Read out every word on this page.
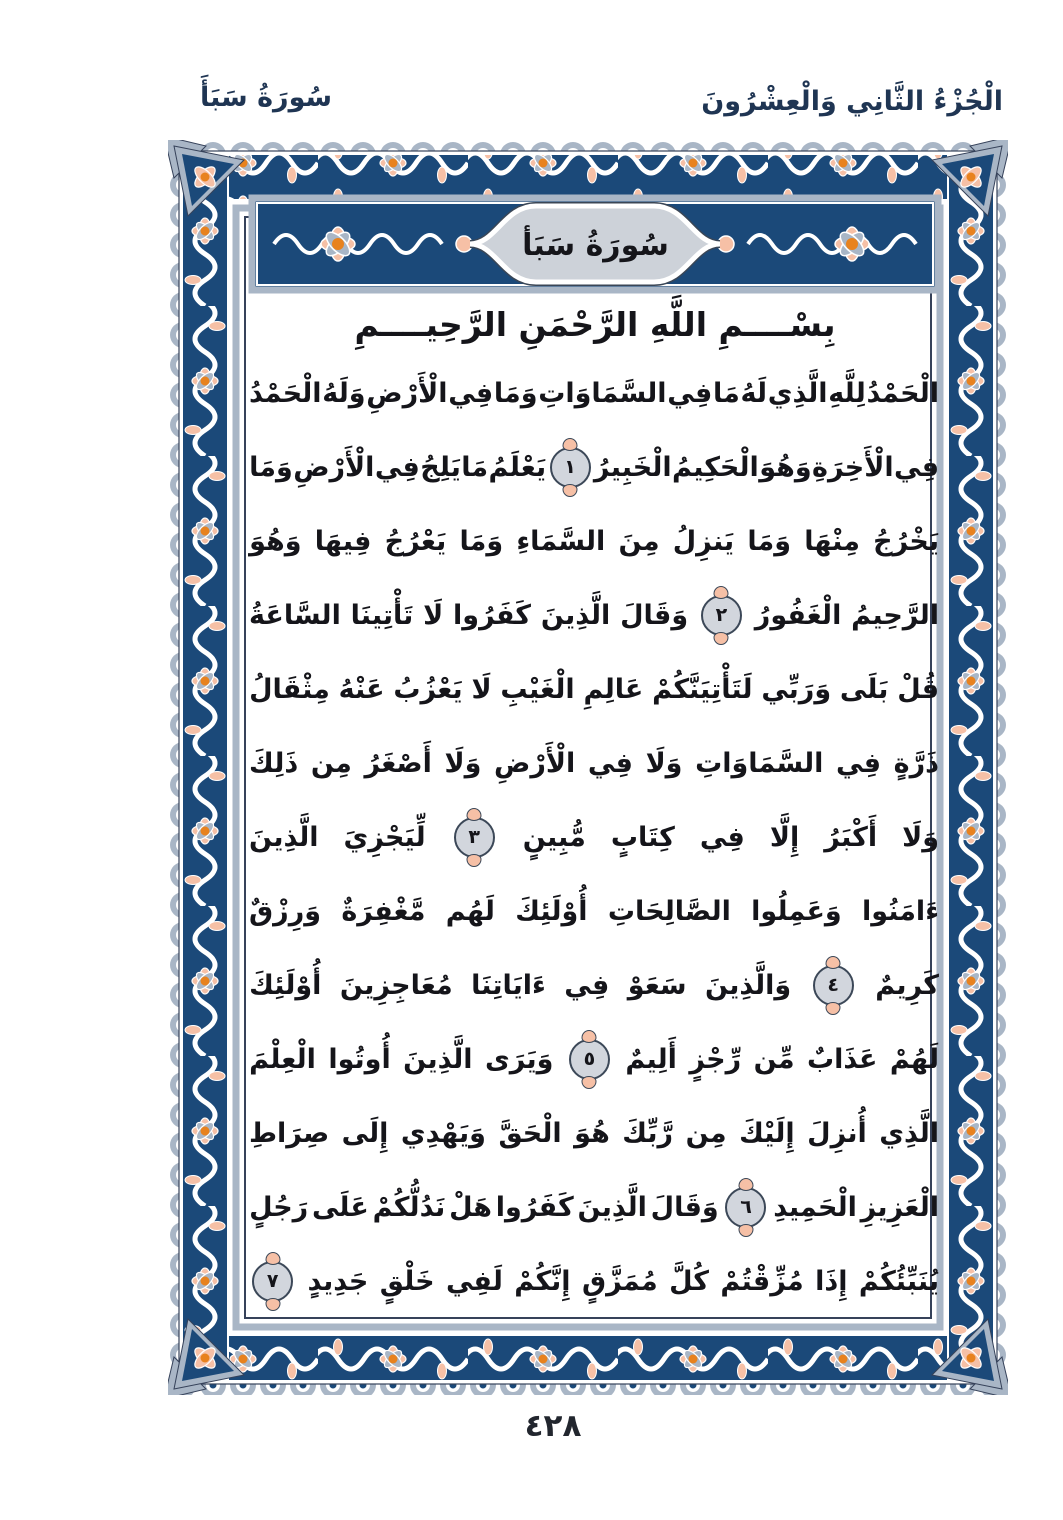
سُورَةُ سَبَأَ	الْجُزْءُ الثَّانِي وَالْعِشْرُونَ
سُورَةُ سَبَأ
بِسْــــمِ اللَّهِ الرَّحْمَنِ الرَّحِيــــمِ
الْحَمْدُ
لِلَّهِ
الَّذِي
لَهُ
مَا
فِي
السَّمَاوَاتِ
وَمَا
فِي
الْأَرْضِ
وَلَهُ
الْحَمْدُ
فِي
الْأَخِرَةِ
وَهُوَ
الْحَكِيمُ
الْخَبِيرُ
١
يَعْلَمُ
مَا
يَلِجُ
فِي
الْأَرْضِ
وَمَا
يَخْرُجُ
مِنْهَا
وَمَا
يَنزِلُ
مِنَ
السَّمَاءِ
وَمَا
يَعْرُجُ
فِيهَا
وَهُوَ
الرَّحِيمُ
الْغَفُورُ
٢
وَقَالَ
الَّذِينَ
كَفَرُوا
لَا
تَأْتِينَا
السَّاعَةُ
قُلْ
بَلَى
وَرَبِّي
لَتَأْتِيَنَّكُمْ
عَالِمِ
الْغَيْبِ
لَا
يَعْزُبُ
عَنْهُ
مِثْقَالُ
ذَرَّةٍ
فِي
السَّمَاوَاتِ
وَلَا
فِي
الْأَرْضِ
وَلَا
أَصْغَرُ
مِن
ذَلِكَ
وَلَا
أَكْبَرُ
إِلَّا
فِي
كِتَابٍ
مُّبِينٍ
٣
لِّيَجْزِيَ
الَّذِينَ
ءَامَنُوا
وَعَمِلُوا
الصَّالِحَاتِ
أُوْلَئِكَ
لَهُم
مَّغْفِرَةٌ
وَرِزْقٌ
كَرِيمٌ
٤
وَالَّذِينَ
سَعَوْ
فِي
ءَايَاتِنَا
مُعَاجِزِينَ
أُوْلَئِكَ
لَهُمْ
عَذَابٌ
مِّن
رِّجْزٍ
أَلِيمٌ
٥
وَيَرَى
الَّذِينَ
أُوتُوا
الْعِلْمَ
الَّذِي
أُنزِلَ
إِلَيْكَ
مِن
رَّبِّكَ
هُوَ
الْحَقَّ
وَيَهْدِي
إِلَى
صِرَاطِ
الْعَزِيزِ
الْحَمِيدِ
٦
وَقَالَ
الَّذِينَ
كَفَرُوا
هَلْ
نَدُلُّكُمْ
عَلَى
رَجُلٍ
يُنَبِّئُكُمْ
إِذَا
مُزِّقْتُمْ
كُلَّ
مُمَزَّقٍ
إِنَّكُمْ
لَفِي
خَلْقٍ
جَدِيدٍ
٧
٤٢٨
